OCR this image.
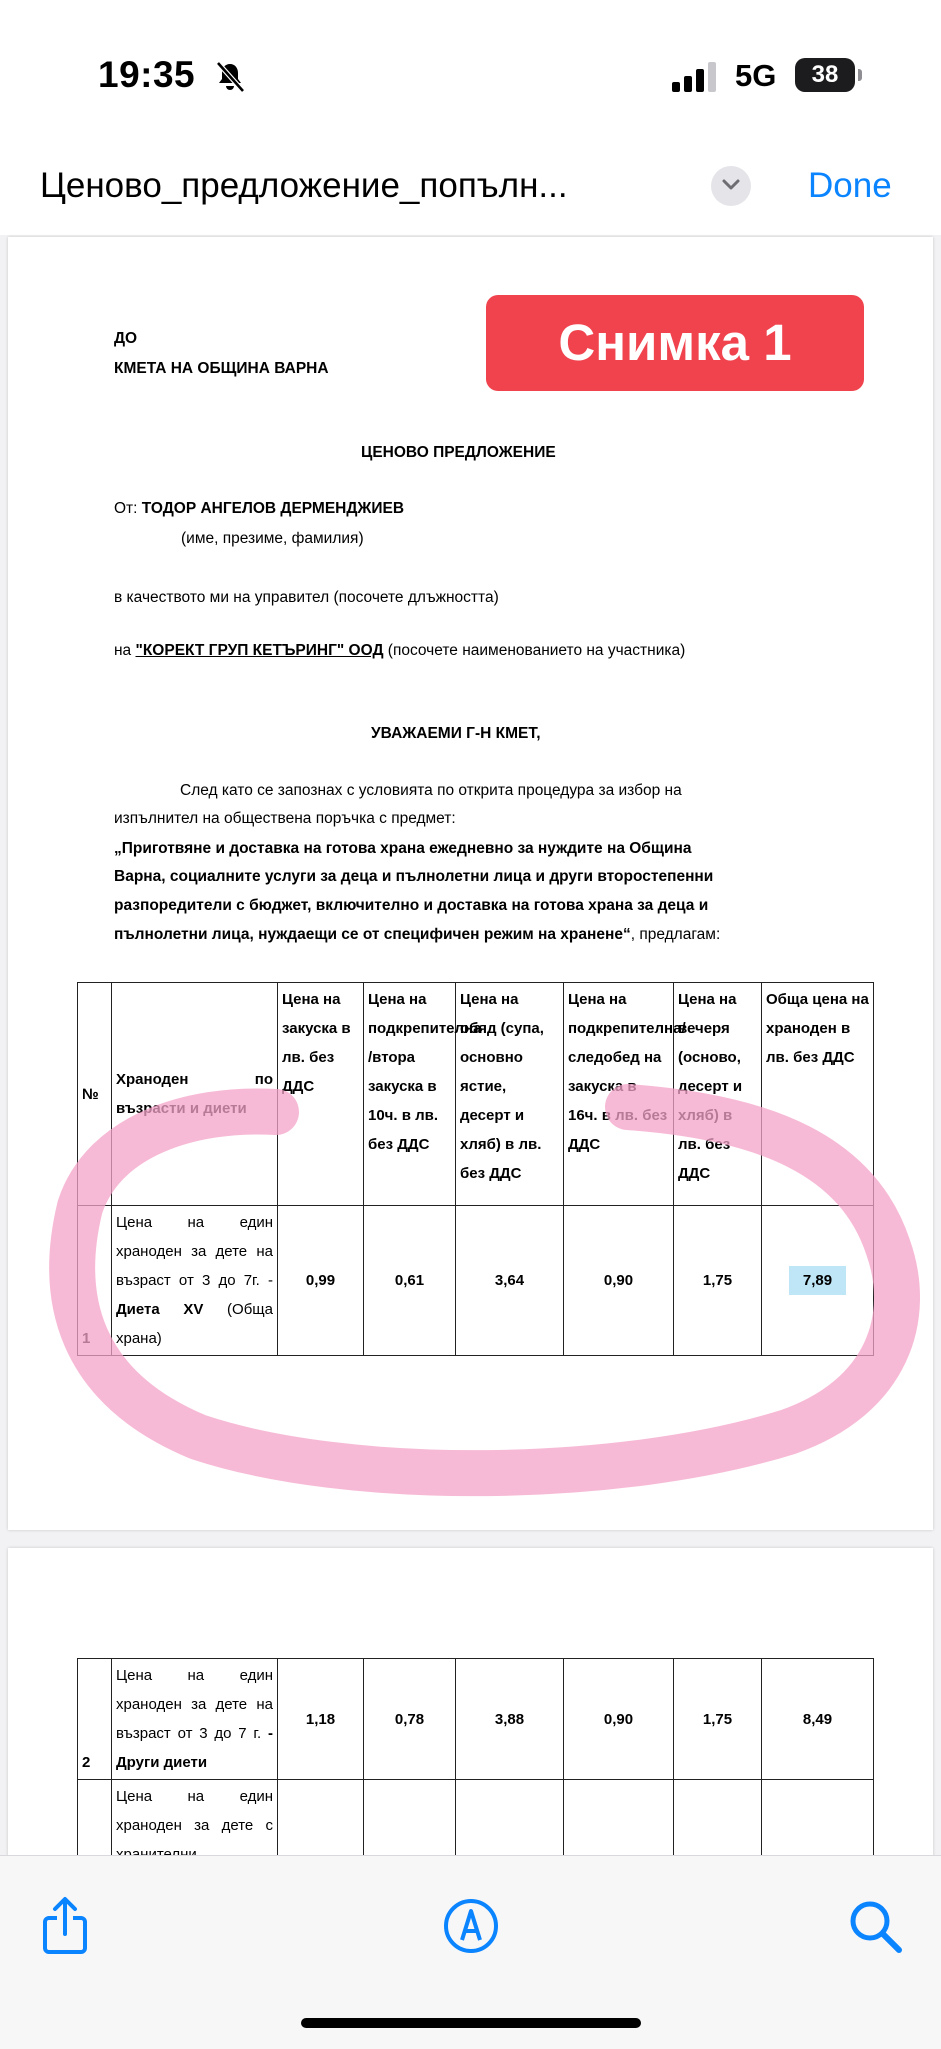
19:35	5G	38
Ценово_предложение_попълн...	Done
ДО
КМЕТА НА ОБЩИНА ВАРНА
ЦЕНОВО ПРЕДЛОЖЕНИЕ
От: ТОДОР АНГЕЛОВ ДЕРМЕНДЖИЕВ
(име, презиме, фамилия)
в качеството ми на управител (посочете длъжността)
на "КОРЕКТ ГРУП КЕТЪРИНГ" ООД (посочете наименованието на участника)
УВАЖАЕМИ Г-Н КМЕТ,
След като се запознах с условията по открита процедура за избор на
изпълнител на обществена поръчка с предмет:
„Приготвяне и доставка на готова храна ежедневно за нуждите на Община
Варна, социалните услуги за деца и пълнолетни лица и други второстепенни
разпоредители с бюджет, включително и доставка на готова храна за деца и
пълнолетни лица, нуждаещи се от специфичен режим на хранене“, предлагам:
№	Храноден по възрасти и диети	Цена на закуска в лв. без ДДС	Цена на подкрепителна /втора закуска в 10ч. в лв. без ДДС	Цена на обяд (супа, основно ястие, десерт и хляб) в лв. без ДДС	Цена на подкрепителна/ следобед на закуска в 16ч. в лв. без ДДС	Цена на вечеря (осново, десерт и хляб) в лв. без ДДС	Обща цена на храноден в лв. без ДДС
1	Цена на един храноден за дете на възраст от 3 до 7г. - Диета XV (Обща храна)	0,99	0,61	3,64	0,90	1,75	7,89
Снимка 1
2	Цена на един храноден за дете на възраст от 3 до 7 г. - Други диети	1,18	0,78	3,88	0,90	1,75	8,49
	Цена на един храноден за дете с						
